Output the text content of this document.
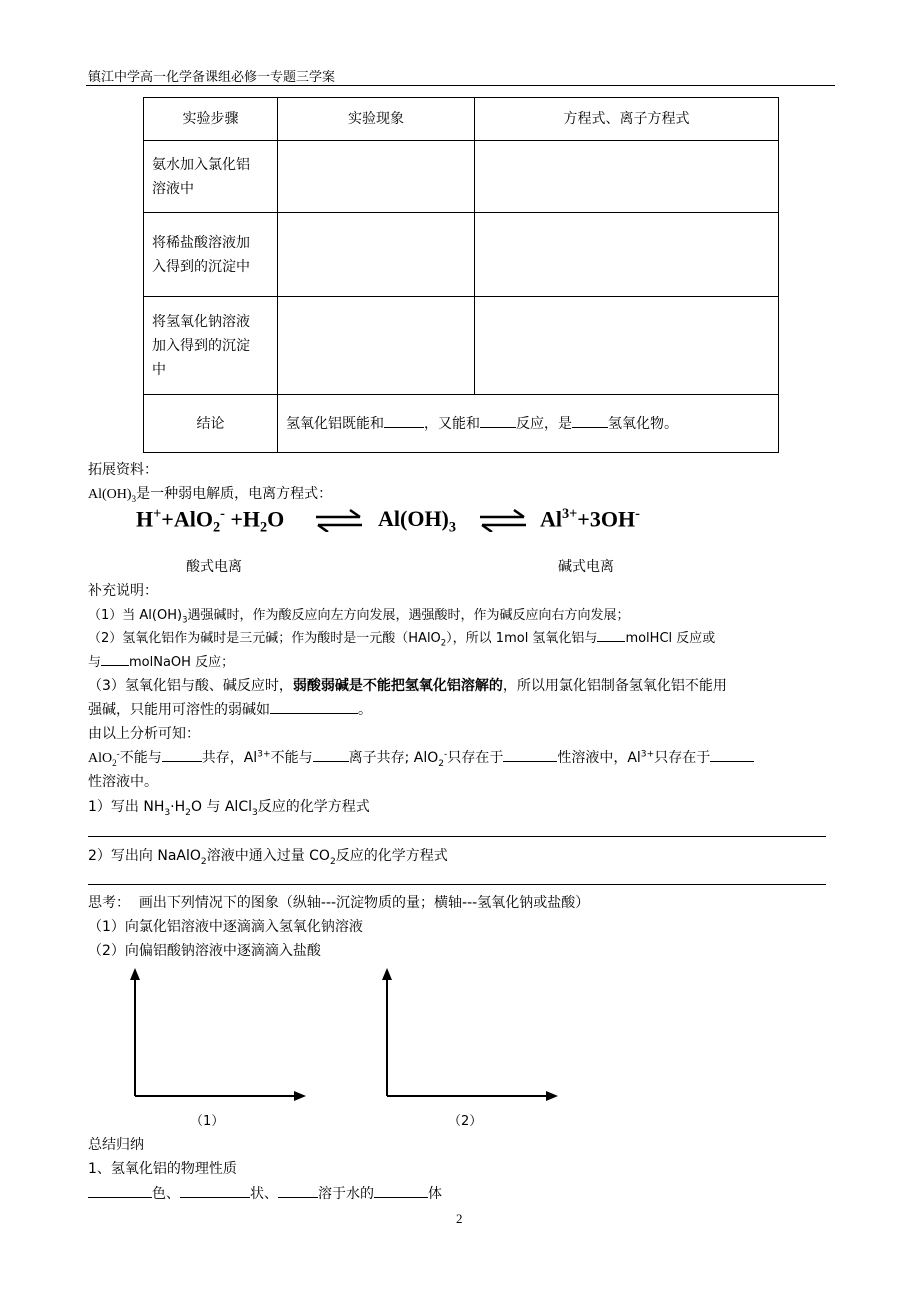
镇江中学高一化学备课组必修一专题三学案
实验步骤	实验现象	方程式、离子方程式

氨水加入氯化铝
溶液中		

将稀盐酸溶液加
入得到的沉淀中		

将氢氧化钠溶液
加入得到的沉淀
中		

结论	氢氧化铝既能和 ，又能和 反应，是 氢氧化物。	
拓展资料：
$Al(OH)_3$是一种弱电解质，电离方程式：
$H^++AlO_2^- +H_2O$ ⇌ $Al(OH)_3$ ⇌ $Al^{3+}+3OH^-$
酸式电离	碱式电离
补充说明：
（1）当 $Al(OH)_3$遇强碱时，作为酸反应向左方向发展，遇强酸时，作为碱反应向右方向发展；
（2）氢氧化铝作为碱时是三元碱；作为酸时是一元酸（HAlO$_2$），所以 1mol 氢氧化铝与 molHCl 反应或
与 molNaOH 反应；
（3）氢氧化铝与酸、碱反应时，弱酸弱碱是不能把氢氧化铝溶解的，所以用氯化铝制备氢氧化铝不能用
强碱，只能用可溶性的弱碱如	。
由以上分析可知：
AlO$_2$-不能与	共存，$Al^{3+}$不能与	离子共存; AlO$_2$-只存在于	性溶液中，$Al^{3+}$只存在于
性溶液中。
1）写出 $NH_3\cdot H_2O$ 与 AlCl$_3$反应的化学方程式
2）写出向 NaAlO$_2$溶液中通入过量 $CO_2$反应的化学方程式
思考： 画出下列情况下的图象（纵轴---沉淀物质的量；横轴---氢氧化钠或盐酸）
（1）向氯化铝溶液中逐滴滴入氢氧化钠溶液
（2）向偏铝酸钠溶液中逐滴滴入盐酸
（1）	（2）
总结归纳
1、氢氧化铝的物理性质
色、	状、	溶于水的	体
2
